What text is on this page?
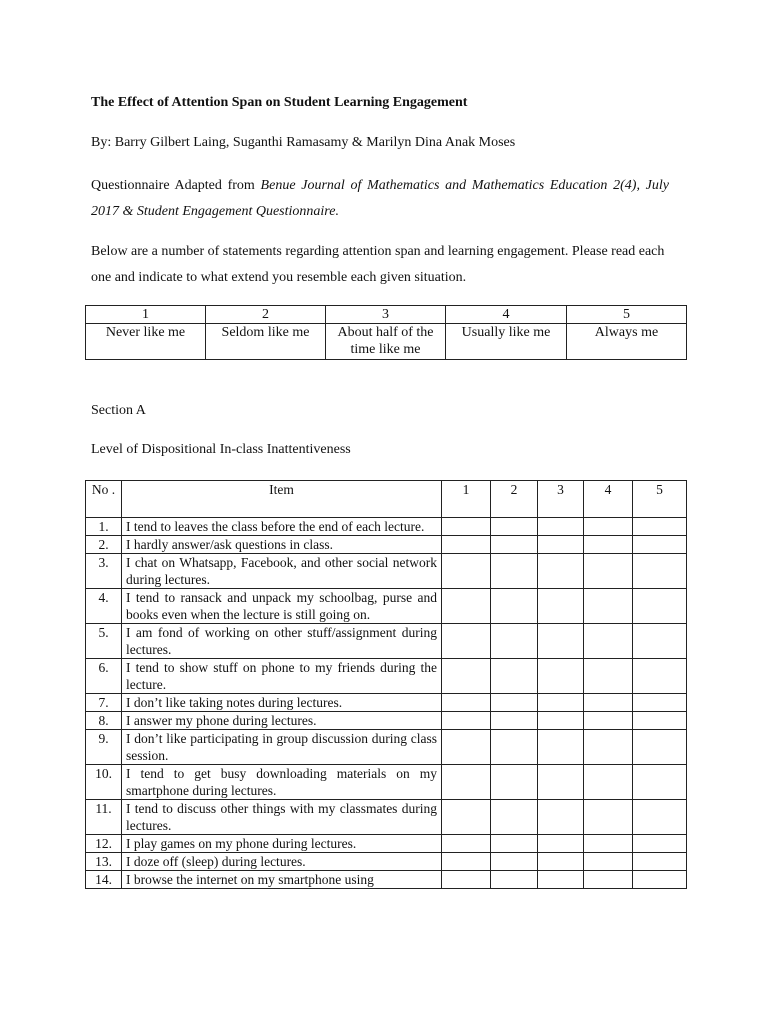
The Effect of Attention Span on Student Learning Engagement
By: Barry Gilbert Laing, Suganthi Ramasamy & Marilyn Dina Anak Moses
Questionnaire Adapted from Benue Journal of Mathematics and Mathematics Education 2(4), July 2017 & Student Engagement Questionnaire.
Below are a number of statements regarding attention span and learning engagement. Please read each one and indicate to what extend you resemble each given situation.
1	2	3	4	5
Never like me	Seldom like me	About half of the time like me	Usually like me	Always me
Section A
Level of Dispositional In-class Inattentiveness
No .	Item	1	2	3	4	5
1.	I tend to leaves the class before the end of each lecture.					
2.	I hardly answer/ask questions in class.					
3.	I chat on Whatsapp, Facebook, and other social network during lectures.					
4.	I tend to ransack and unpack my schoolbag, purse and books even when the lecture is still going on.					
5.	I am fond of working on other stuff/assignment during lectures.					
6.	I tend to show stuff on phone to my friends during the lecture.					
7.	I don’t like taking notes during lectures.					
8.	I answer my phone during lectures.					
9.	I don’t like participating in group discussion during class session.					
10.	I tend to get busy downloading materials on my smartphone during lectures.					
11.	I tend to discuss other things with my classmates during lectures.					
12.	I play games on my phone during lectures.					
13.	I doze off (sleep) during lectures.					
14.	I browse the internet on my smartphone using					
